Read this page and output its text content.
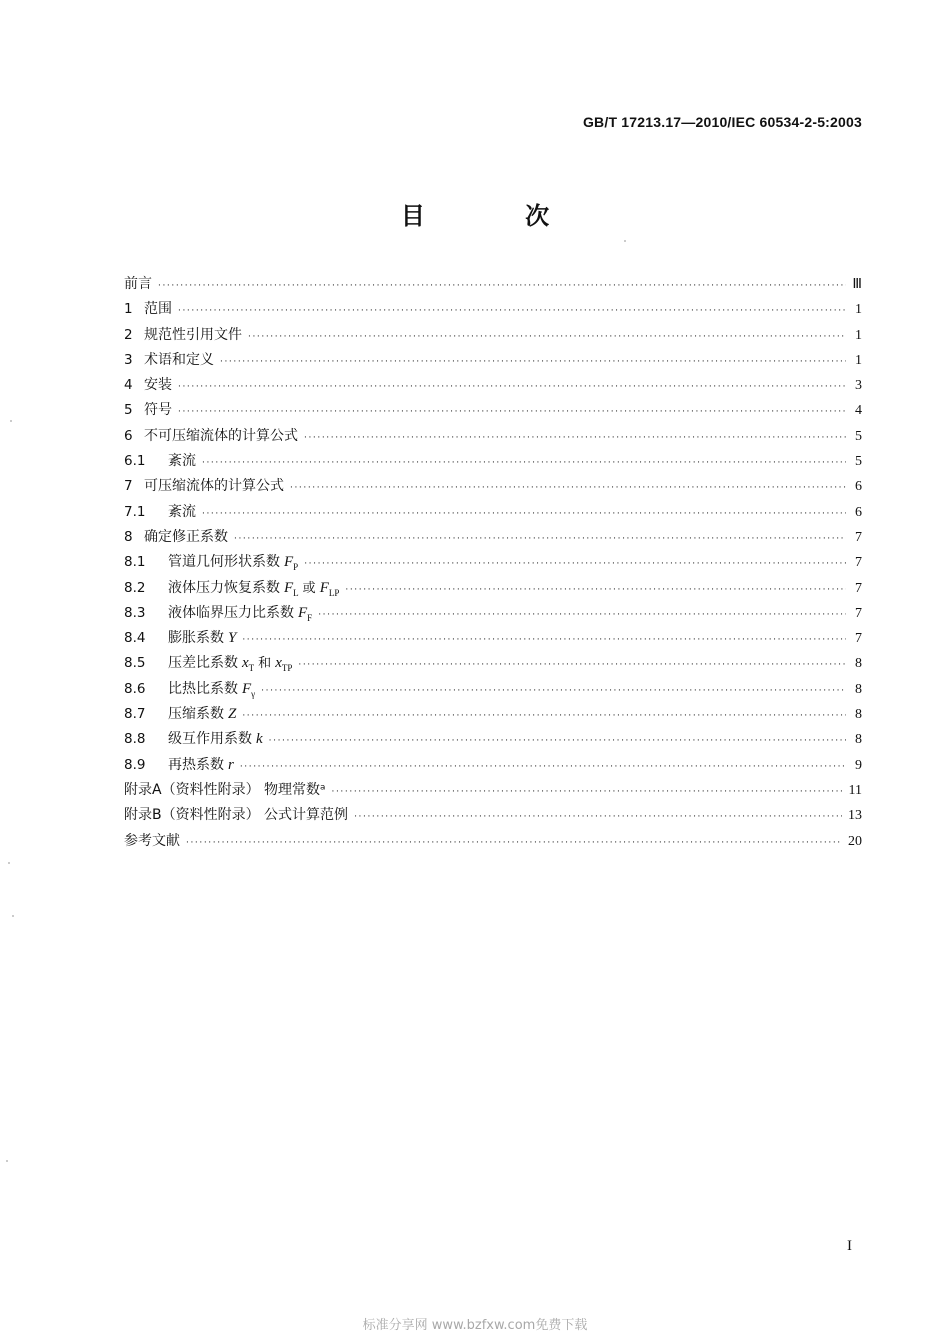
GB/T 17213.17—2010/IEC 60534-2-5:2003
目 次
前言 ·····	Ⅲ
1 范围 ·····	1
2 规范性引用文件 ·····	1
3 术语和定义 ·····	1
4 安装 ·····	3
5 符号 ·····	4
6 不可压缩流体的计算公式 ·····	5
6.1	紊流 ·····	5
7 可压缩流体的计算公式 ·····	6
7.1	紊流 ·····	6
8 确定修正系数 ·····	7
8.1	管道几何形状系数 $F_P$ ·····	7
8.2	液体压力恢复系数 $F_L$ 或 $F_{LP}$ ·····	7
8.3	液体临界压力比系数 $F_F$ ·····	7
8.4	膨胀系数 Y ·····	7
8.5	压差比系数 $x_T$ 和 $x_{TP}$ ·····	8
8.6	比热比系数 $F_\gamma$ ·····	8
8.7	压缩系数 Z ·····	8
8.8	级互作用系数 k ·····	8
8.9	再热系数 r ·····	9
附录A（资料性附录） 物理常数ᵃ ·····	11
附录B（资料性附录） 公式计算范例 ·····	13
参考文献 ·····	20
I
标准分享网 www.bzfxw.com免费下载
